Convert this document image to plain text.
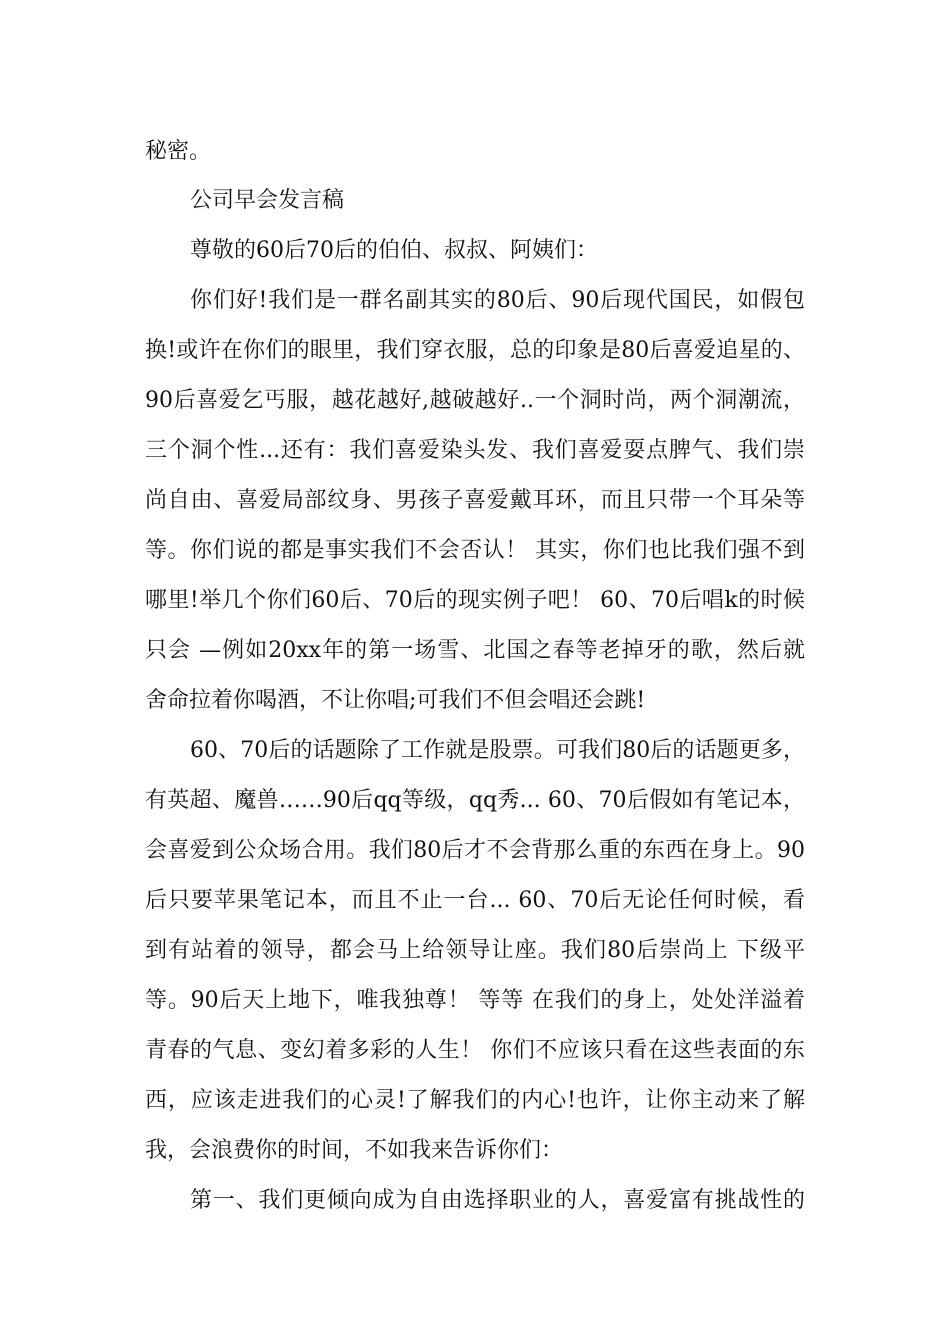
秘密。
公司早会发言稿
尊敬的60后70后的伯伯、叔叔、阿姨们：
你们好!我们是一群名副其实的80后、90后现代国民，如假包
换!或许在你们的眼里，我们穿衣服，总的印象是80后喜爱追星的、
90后喜爱乞丐服，越花越好,越破越好..一个洞时尚，两个洞潮流，
三个洞个性...还有：我们喜爱染头发、我们喜爱耍点脾气、我们崇
尚自由、喜爱局部纹身、男孩子喜爱戴耳环，而且只带一个耳朵等
等。你们说的都是事实我们不会否认！ 其实，你们也比我们强不到
哪里!举几个你们60后、70后的现实例子吧！ 60、70后唱k的时候
只会 —例如20xx年的第一场雪、北国之春等老掉牙的歌，然后就
舍命拉着你喝酒，不让你唱;可我们不但会唱还会跳!
60、70后的话题除了工作就是股票。可我们80后的话题更多，
有英超、魔兽……90后qq等级，qq秀... 60、70后假如有笔记本，
会喜爱到公众场合用。我们80后才不会背那么重的东西在身上。90
后只要苹果笔记本，而且不止一台... 60、70后无论任何时候，看
到有站着的领导，都会马上给领导让座。我们80后崇尚上 下级平
等。90后天上地下，唯我独尊！ 等等 在我们的身上，处处洋溢着
青春的气息、变幻着多彩的人生！ 你们不应该只看在这些表面的东
西，应该走进我们的心灵!了解我们的内心!也许，让你主动来了解
我，会浪费你的时间，不如我来告诉你们：
第一、我们更倾向成为自由选择职业的人，喜爱富有挑战性的
